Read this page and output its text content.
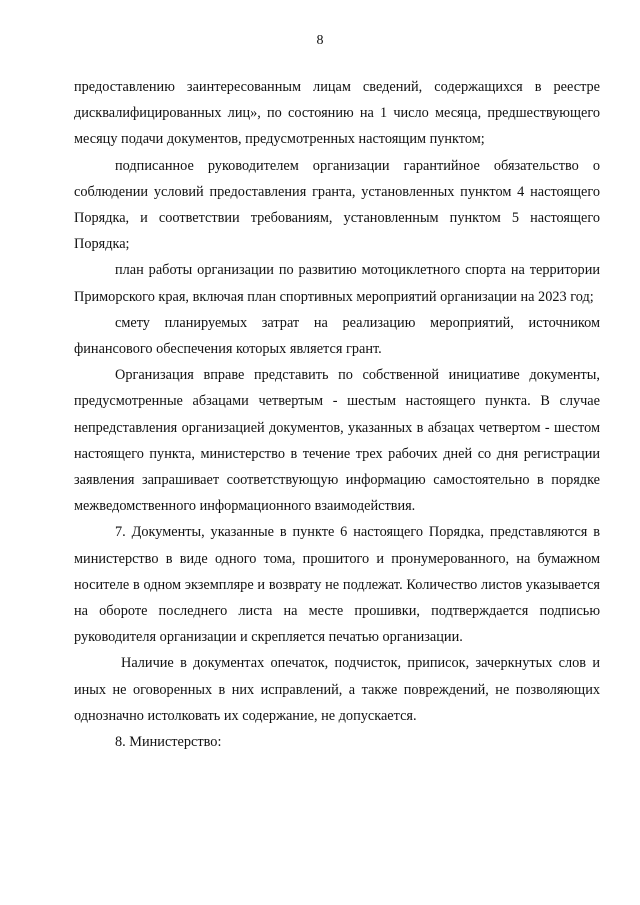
8

предоставлению заинтересованным лицам сведений, содержащихся в реестре дисквалифицированных лиц», по состоянию на 1 число месяца, предшествующего месяцу подачи документов, предусмотренных настоящим пунктом;

подписанное руководителем организации гарантийное обязательство о соблюдении условий предоставления гранта, установленных пунктом 4 настоящего Порядка, и соответствии требованиям, установленным пунктом 5 настоящего Порядка;

план работы организации по развитию мотоциклетного спорта на территории Приморского края, включая план спортивных мероприятий организации на 2023 год;

смету планируемых затрат на реализацию мероприятий, источником финансового обеспечения которых является грант.

Организация вправе представить по собственной инициативе документы, предусмотренные абзацами четвертым - шестым настоящего пункта. В случае непредставления организацией документов, указанных в абзацах четвертом - шестом настоящего пункта, министерство в течение трех рабочих дней со дня регистрации заявления запрашивает соответствующую информацию самостоятельно в порядке межведомственного информационного взаимодействия.

7. Документы, указанные в пункте 6 настоящего Порядка, представляются в министерство в виде одного тома, прошитого и пронумерованного, на бумажном носителе в одном экземпляре и возврату не подлежат. Количество листов указывается на обороте последнего листа на месте прошивки, подтверждается подписью руководителя организации и скрепляется печатью организации.

Наличие в документах опечаток, подчисток, приписок, зачеркнутых слов и иных не оговоренных в них исправлений, а также повреждений, не позволяющих однозначно истолковать их содержание, не допускается.

8. Министерство:
